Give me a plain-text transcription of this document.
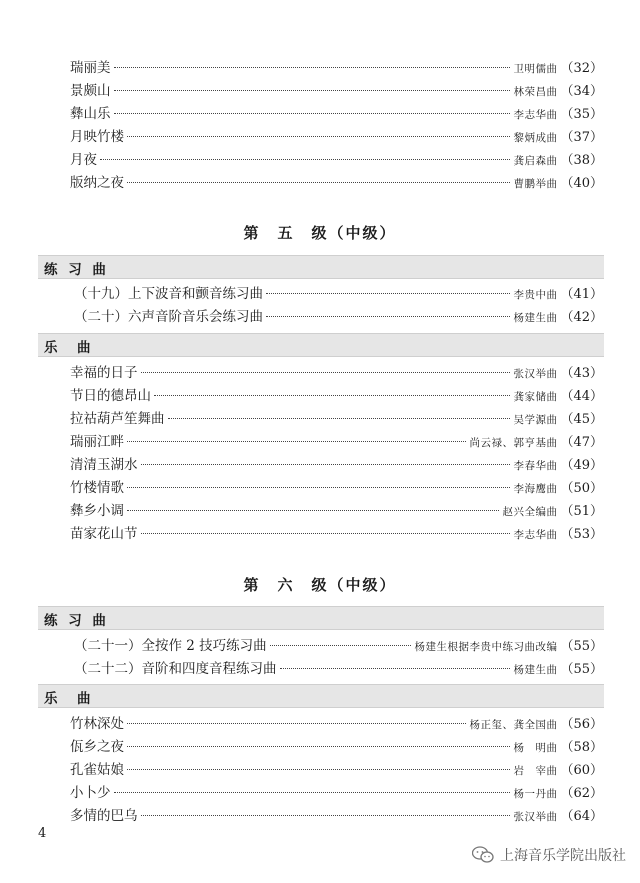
瑞丽美	卫明儒曲 （32）
景颇山	林荣昌曲 （34）
彝山乐	李志华曲 （35）
月映竹楼	黎炳成曲 （37）
月夜	龚启森曲 （38）
版纳之夜	曹鹏举曲 （40）
第　五　级（中级）
练 习 曲
（十九）上下波音和颤音练习曲	李贵中曲 （41）
（二十）六声音阶音乐会练习曲	杨建生曲 （42）
乐　曲
幸福的日子	张汉举曲 （43）
节日的德昂山	龚家储曲 （44）
拉祜葫芦笙舞曲	吴学源曲 （45）
瑞丽江畔	尚云禄、郭亨基曲 （47）
清清玉湖水	李春华曲 （49）
竹楼情歌	李海鹰曲 （50）
彝乡小调	赵兴全编曲 （51）
苗家花山节	李志华曲 （53）
第　六　级（中级）
练 习 曲
（二十一）全按作 2 技巧练习曲	杨建生根据李贵中练习曲改编 （55）
（二十二）音阶和四度音程练习曲	杨建生曲 （55）
乐　曲
竹林深处	杨正玺、龚全国曲 （56）
佤乡之夜	杨　明曲 （58）
孔雀姑娘	岩　宰曲 （60）
小卜少	杨一丹曲 （62）
多情的巴乌	张汉举曲 （64）
4
上海音乐学院出版社
